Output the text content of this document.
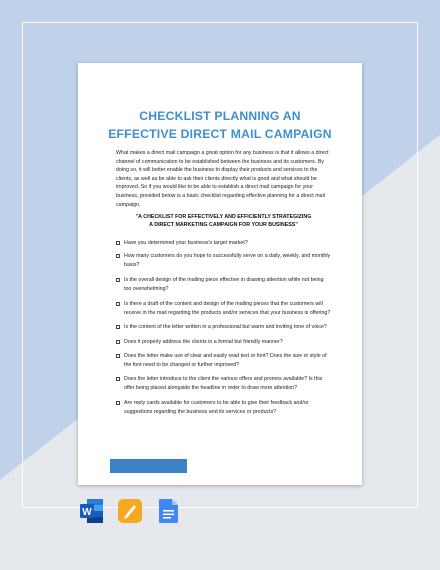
CHECKLIST PLANNING AN
EFFECTIVE DIRECT MAIL CAMPAIGN
What makes a direct mail campaign a great option for any business is that it allows a direct channel of communication to be established between the business and its customers. By doing so, it will better enable the business to display their products and services to the clients, as well as be able to ask their clients directly what is good and what should be improved. So if you would like to be able to establish a direct mail campaign for your business, provided below is a basic checklist regarding effective planning for a direct mail campaign.
"A CHECKLIST FOR EFFECTIVELY AND EFFICIENTLY STRATEGIZING
A DIRECT MARKETING CAMPAIGN FOR YOUR BUSINESS"
Have you determined your business's target market?
How many customers do you hope to successfully serve on a daily, weekly, and monthly basis?
Is the overall design of the mailing piece effective in drawing attention while not being too overwhelming?
Is there a draft of the content and design of the mailing pieces that the customers will receive in the mail regarding the products and/or services that your business is offering?
Is the content of the letter written in a professional but warm and inviting tone of voice?
Does it properly address the clients in a formal but friendly manner?
Does the letter make use of clear and easily read text or font? Does the size or style of the font need to be changed or further improved?
Does the letter introduce to the client the various offers and promos available? Is this offer being placed alongside the headline in order to draw more attention?
Are reply cards available for customers to be able to give their feedback and/or suggestions regarding the business and its services or products?
W
